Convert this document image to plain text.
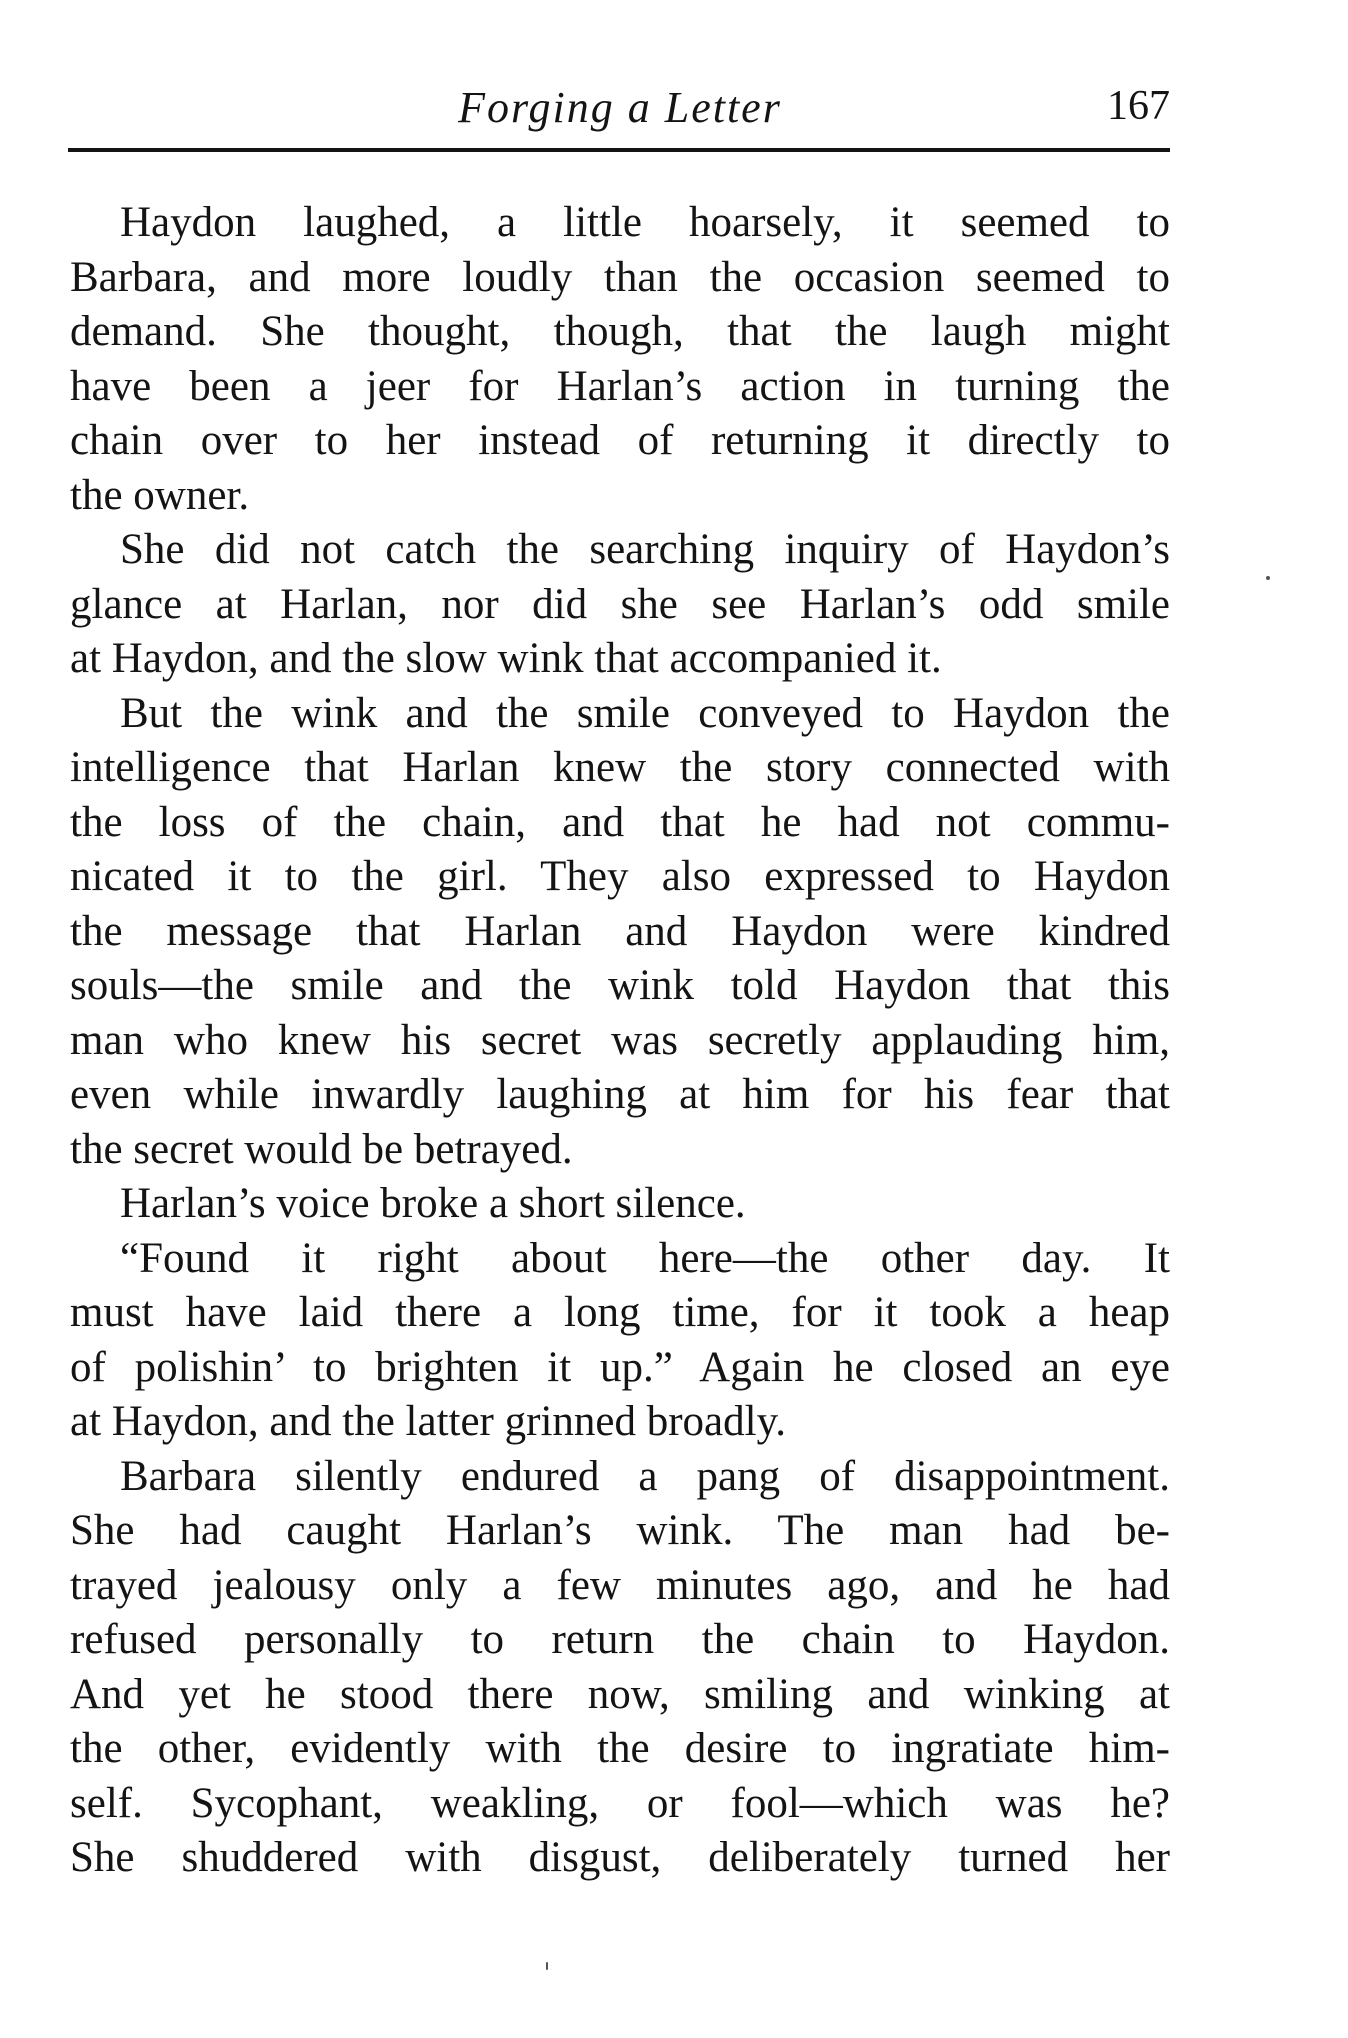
Forging a Letter	167
Haydon laughed, a little hoarsely, it seemed to
Barbara, and more loudly than the occasion seemed to
demand. She thought, though, that the laugh might
have been a jeer for Harlan’s action in turning the
chain over to her instead of returning it directly to
the owner.
She did not catch the searching inquiry of Haydon’s
glance at Harlan, nor did she see Harlan’s odd smile
at Haydon, and the slow wink that accompanied it.
But the wink and the smile conveyed to Haydon the
intelligence that Harlan knew the story connected with
the loss of the chain, and that he had not commu-
nicated it to the girl. They also expressed to Haydon
the message that Harlan and Haydon were kindred
souls—the smile and the wink told Haydon that this
man who knew his secret was secretly applauding him,
even while inwardly laughing at him for his fear that
the secret would be betrayed.
Harlan’s voice broke a short silence.
“Found it right about here—the other day. It
must have laid there a long time, for it took a heap
of polishin’ to brighten it up.” Again he closed an eye
at Haydon, and the latter grinned broadly.
Barbara silently endured a pang of disappointment.
She had caught Harlan’s wink. The man had be-
trayed jealousy only a few minutes ago, and he had
refused personally to return the chain to Haydon.
And yet he stood there now, smiling and winking at
the other, evidently with the desire to ingratiate him-
self. Sycophant, weakling, or fool—which was he?
She shuddered with disgust, deliberately turned her
